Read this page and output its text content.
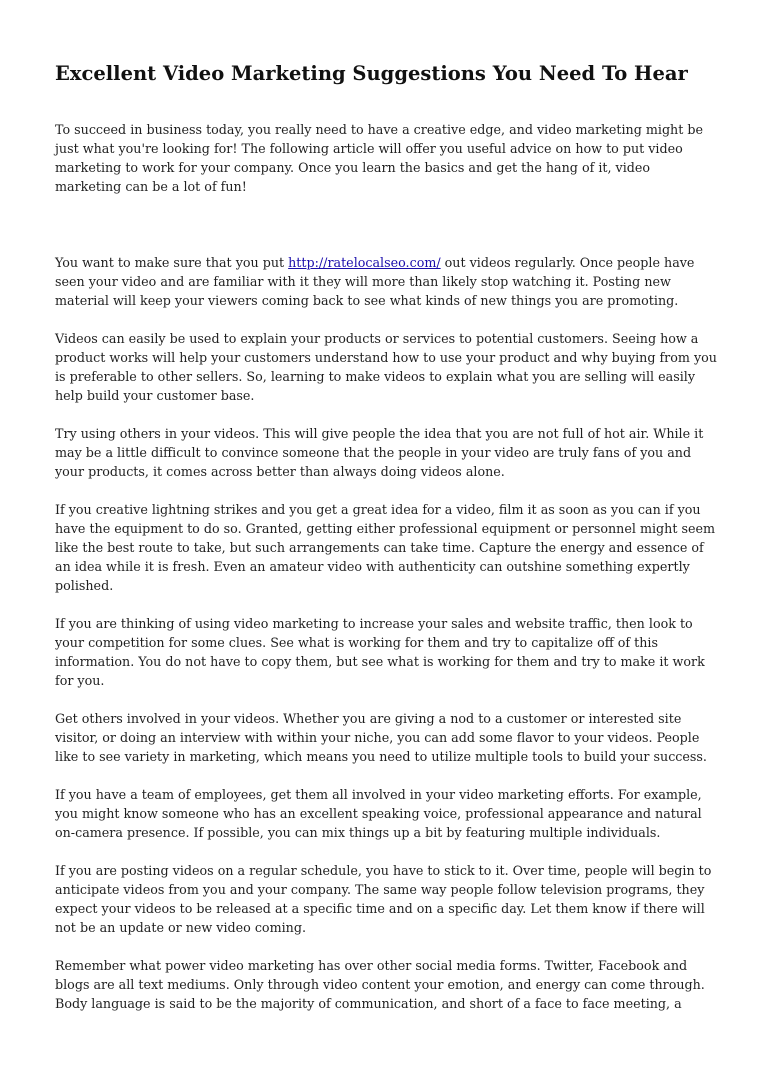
Excellent Video Marketing Suggestions You Need To Hear

To succeed in business today, you really need to have a creative edge, and video marketing might be just what you're looking for! The following article will offer you useful advice on how to put video marketing to work for your company. Once you learn the basics and get the hang of it, video marketing can be a lot of fun!

You want to make sure that you put http://ratelocalseo.com/ out videos regularly. Once people have seen your video and are familiar with it they will more than likely stop watching it. Posting new material will keep your viewers coming back to see what kinds of new things you are promoting.

Videos can easily be used to explain your products or services to potential customers. Seeing how a product works will help your customers understand how to use your product and why buying from you is preferable to other sellers. So, learning to make videos to explain what you are selling will easily help build your customer base.

Try using others in your videos. This will give people the idea that you are not full of hot air. While it may be a little difficult to convince someone that the people in your video are truly fans of you and your products, it comes across better than always doing videos alone.

If you creative lightning strikes and you get a great idea for a video, film it as soon as you can if you have the equipment to do so. Granted, getting either professional equipment or personnel might seem like the best route to take, but such arrangements can take time. Capture the energy and essence of an idea while it is fresh. Even an amateur video with authenticity can outshine something expertly polished.

If you are thinking of using video marketing to increase your sales and website traffic, then look to your competition for some clues. See what is working for them and try to capitalize off of this information. You do not have to copy them, but see what is working for them and try to make it work for you.

Get others involved in your videos. Whether you are giving a nod to a customer or interested site visitor, or doing an interview with within your niche, you can add some flavor to your videos. People like to see variety in marketing, which means you need to utilize multiple tools to build your success.

If you have a team of employees, get them all involved in your video marketing efforts. For example, you might know someone who has an excellent speaking voice, professional appearance and natural on-camera presence. If possible, you can mix things up a bit by featuring multiple individuals.

If you are posting videos on a regular schedule, you have to stick to it. Over time, people will begin to anticipate videos from you and your company. The same way people follow television programs, they expect your videos to be released at a specific time and on a specific day. Let them know if there will not be an update or new video coming.

Remember what power video marketing has over other social media forms. Twitter, Facebook and blogs are all text mediums. Only through video content your emotion, and energy can come through. Body language is said to be the majority of communication, and short of a face to face meeting, a
